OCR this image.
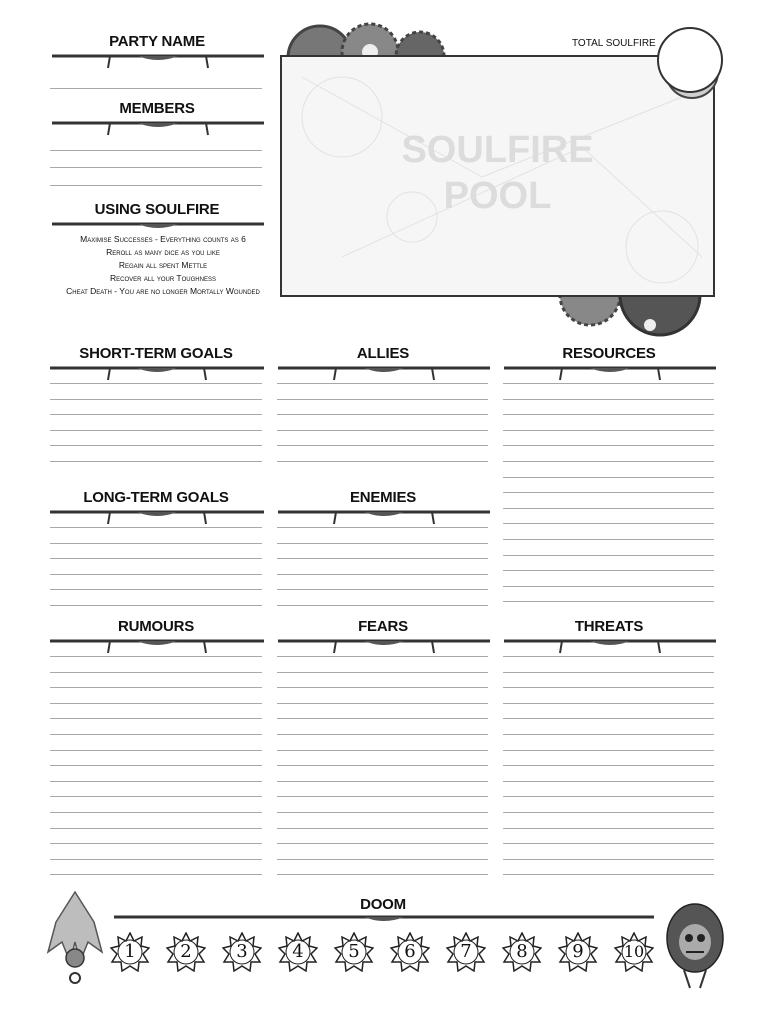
PARTY NAME
MEMBERS
USING SOULFIRE
Maximise Successes - Everything counts as 6
Reroll as many dice as you like
Regain all spent Mettle
Recover all your Toughness
Cheat Death - You are no longer Mortally Wounded
SOULFIRE
POOL
TOTAL SOULFIRE
SHORT-TERM GOALS	ALLIES	RESOURCES
LONG-TERM GOALS	ENEMIES
RUMOURS	FEARS	THREATS
DOOM
1	2	3	4	5	6	7	8	9	10
